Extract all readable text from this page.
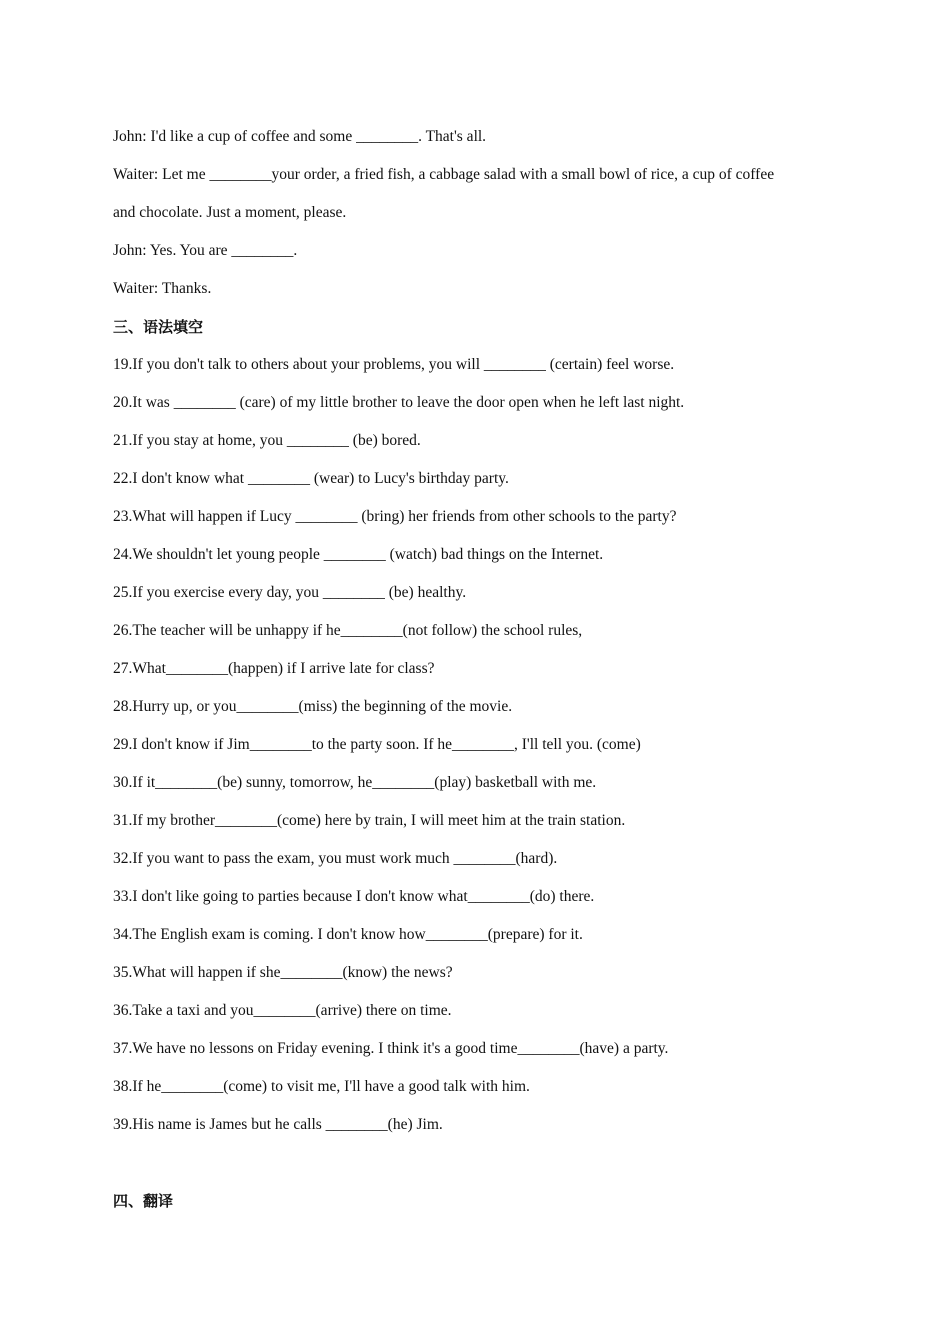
John: I'd like a cup of coffee and some ________. That's all.
Waiter: Let me ________your order, a fried fish, a cabbage salad with a small bowl of rice, a cup of coffee
and chocolate. Just a moment, please.
John: Yes. You are ________.
Waiter: Thanks.
三、语法填空
19.If you don't talk to others about your problems, you will ________ (certain) feel worse.
20.It was ________ (care) of my little brother to leave the door open when he left last night.
21.If you stay at home, you ________ (be) bored.
22.I don't know what ________ (wear) to Lucy's birthday party.
23.What will happen if Lucy ________ (bring) her friends from other schools to the party?
24.We shouldn't let young people ________ (watch) bad things on the Internet.
25.If you exercise every day, you ________ (be) healthy.
26.The teacher will be unhappy if he________(not follow) the school rules,
27.What________(happen) if I arrive late for class?
28.Hurry up, or you________(miss) the beginning of the movie.
29.I don't know if Jim________to the party soon. If he________, I'll tell you. (come)
30.If it________(be) sunny, tomorrow, he________(play) basketball with me.
31.If my brother________(come) here by train, I will meet him at the train station.
32.If you want to pass the exam, you must work much ________(hard).
33.I don't like going to parties because I don't know what________(do) there.
34.The English exam is coming. I don't know how________(prepare) for it.
35.What will happen if she________(know) the news?
36.Take a taxi and you________(arrive) there on time.
37.We have no lessons on Friday evening. I think it's a good time________(have) a party.
38.If he________(come) to visit me, I'll have a good talk with him.
39.His name is James but he calls ________(he) Jim.
四、翻译
